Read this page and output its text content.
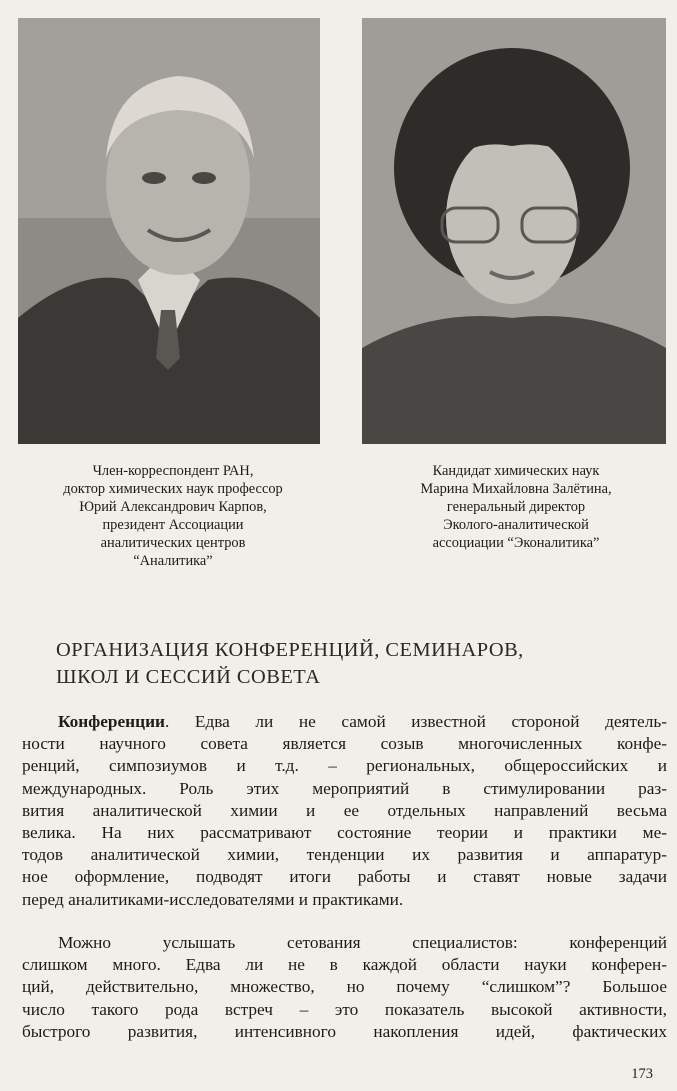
Член-корреспондент РАН,
доктор химических наук профессор
Юрий Александрович Карпов,
президент Ассоциации
аналитических центров
“Аналитика”
Кандидат химических наук
Марина Михайловна Залётина,
генеральный директор
Эколого-аналитической
ассоциации “Эконалитика”
ОРГАНИЗАЦИЯ КОНФЕРЕНЦИЙ, СЕМИНАРОВ,
ШКОЛ И СЕССИЙ СОВЕТА
Конференции. Едва ли не самой известной стороной деятель-
ности научного совета является созыв многочисленных конфе-
ренций, симпозиумов и т.д. – региональных, общероссийских и
международных. Роль этих мероприятий в стимулировании раз-
вития аналитической химии и ее отдельных направлений весьма
велика. На них рассматривают состояние теории и практики ме-
тодов аналитической химии, тенденции их развития и аппаратур-
ное оформление, подводят итоги работы и ставят новые задачи
перед аналитиками-исследователями и практиками.
Можно услышать сетования специалистов: конференций
слишком много. Едва ли не в каждой области науки конферен-
ций, действительно, множество, но почему “слишком”? Большое
число такого рода встреч – это показатель высокой активности,
быстрого развития, интенсивного накопления идей, фактических
173
